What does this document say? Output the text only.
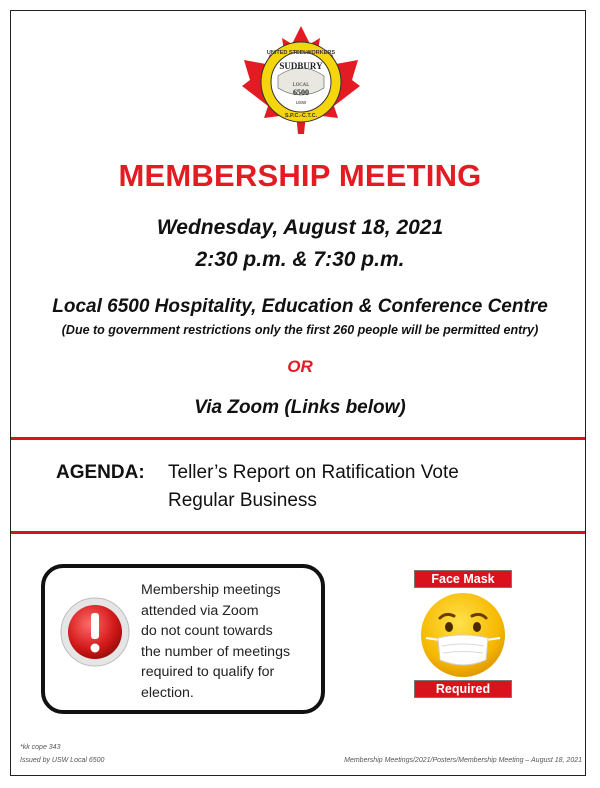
UNITED STEELWORKERS
SUDBURY
LOCAL
6500
USW
S.P.C.-C.T.C.
MEMBERSHIP MEETING
Wednesday, August 18, 2021
2:30 p.m. & 7:30 p.m.
Local 6500 Hospitality, Education & Conference Centre
(Due to government restrictions only the first 260 people will be permitted entry)
OR
Via Zoom (Links below)
AGENDA: Teller’s Report on Ratification Vote
Regular Business
Membership meetings
attended via Zoom
do not count towards
the number of meetings
required to qualify for
election.
Face Mask
Required
*kk cope 343
Issued by USW Local 6500	Membership Meetings/2021/Posters/Membership Meeting – August 18, 2021
